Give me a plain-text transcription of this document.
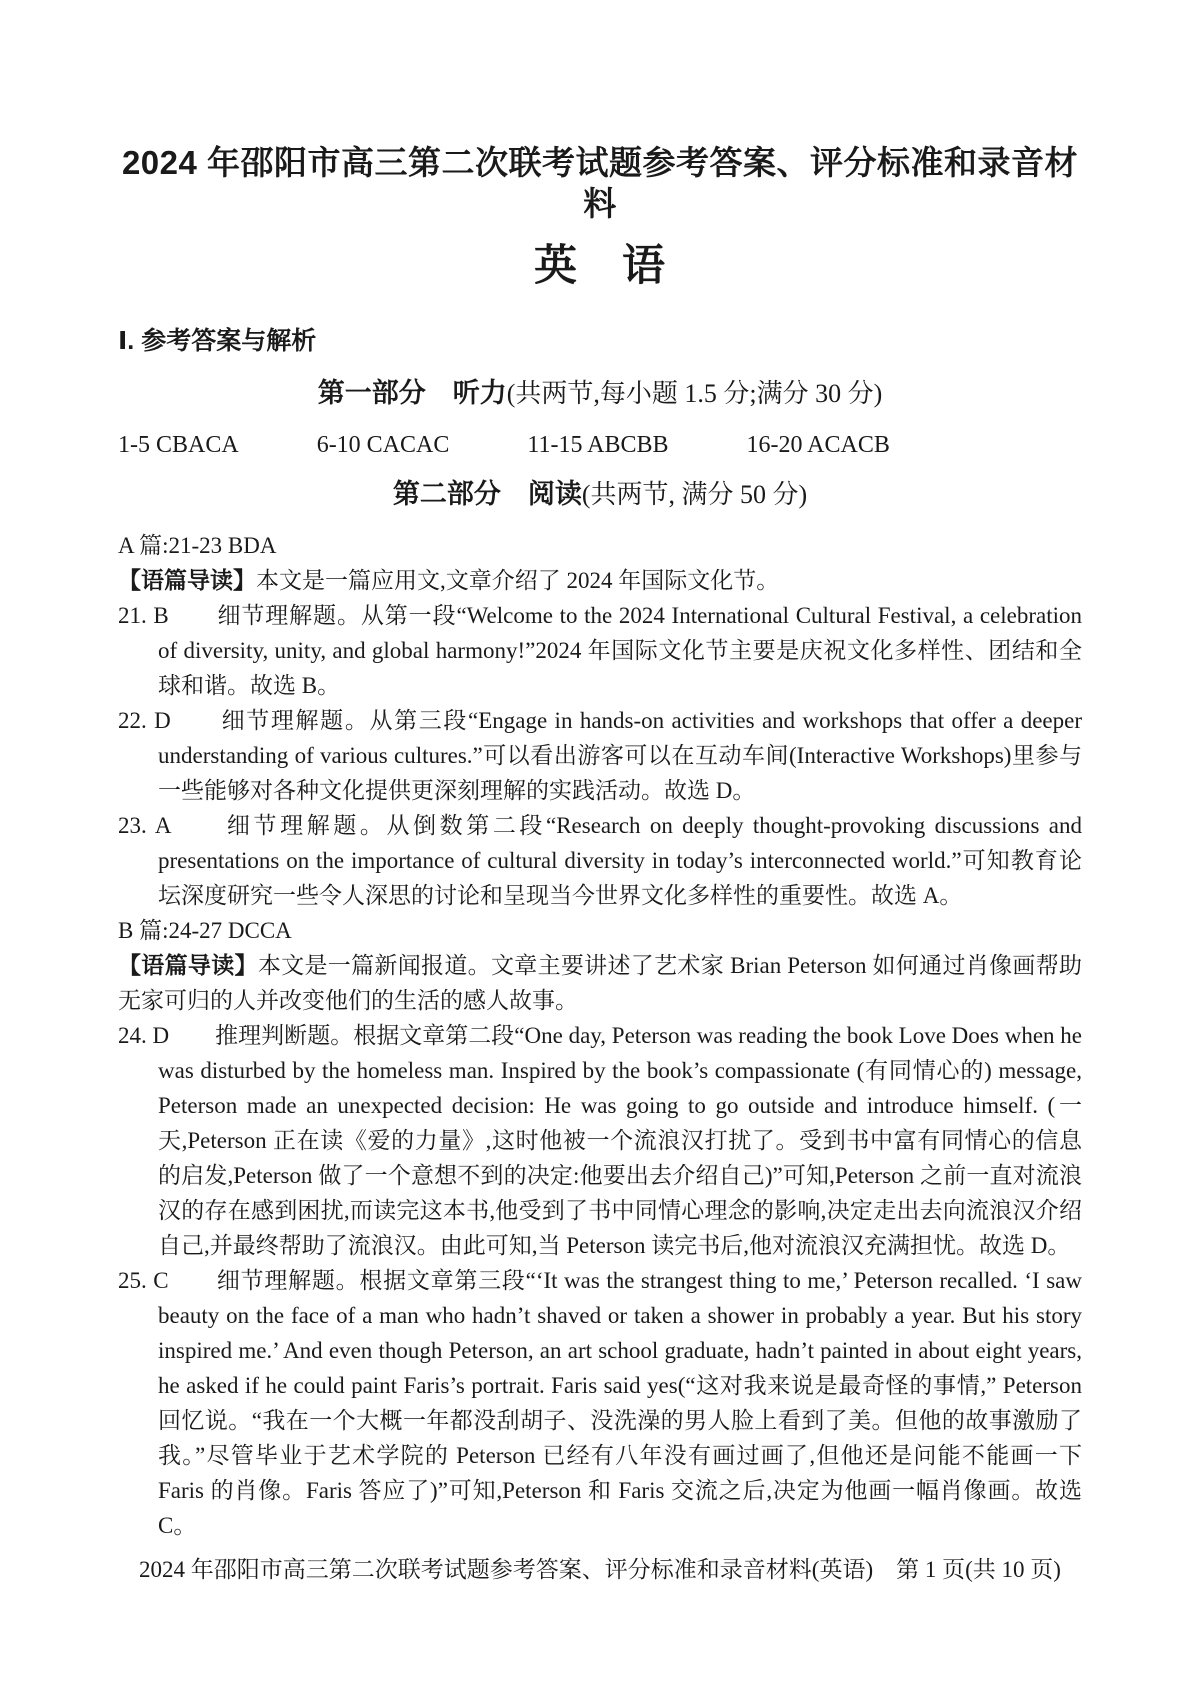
2024 年邵阳市高三第二次联考试题参考答案、评分标准和录音材料
英　语
Ⅰ. 参考答案与解析
第一部分　听力(共两节,每小题 1.5 分;满分 30 分)
1-5 CBACA	6-10 CACAC	11-15 ABCBB	16-20 ACACB
第二部分　阅读(共两节, 满分 50 分)

A 篇:21-23 BDA

【语篇导读】本文是一篇应用文,文章介绍了 2024 年国际文化节。

21. B　　细节理解题。从第一段“Welcome to the 2024 International Cultural Festival, a celebration of diversity, unity, and global harmony!”2024 年国际文化节主要是庆祝文化多样性、团结和全球和谐。故选 B。

22. D　　细节理解题。从第三段“Engage in hands-on activities and workshops that offer a deeper understanding of various cultures.”可以看出游客可以在互动车间(Interactive Workshops)里参与一些能够对各种文化提供更深刻理解的实践活动。故选 D。

23. A　　细节理解题。从倒数第二段“Research on deeply thought-provoking discussions and presentations on the importance of cultural diversity in today’s interconnected world.”可知教育论坛深度研究一些令人深思的讨论和呈现当今世界文化多样性的重要性。故选 A。

B 篇:24-27 DCCA

【语篇导读】本文是一篇新闻报道。文章主要讲述了艺术家 Brian Peterson 如何通过肖像画帮助无家可归的人并改变他们的生活的感人故事。

24. D　　推理判断题。根据文章第二段“One day, Peterson was reading the book Love Does when he was disturbed by the homeless man. Inspired by the book’s compassionate (有同情心的) message, Peterson made an unexpected decision: He was going to go outside and introduce himself. (一天,Peterson 正在读《爱的力量》,这时他被一个流浪汉打扰了。受到书中富有同情心的信息的启发,Peterson 做了一个意想不到的决定:他要出去介绍自己)”可知,Peterson 之前一直对流浪汉的存在感到困扰,而读完这本书,他受到了书中同情心理念的影响,决定走出去向流浪汉介绍自己,并最终帮助了流浪汉。由此可知,当 Peterson 读完书后,他对流浪汉充满担忧。故选 D。

25. C　　细节理解题。根据文章第三段“‘It was the strangest thing to me,’ Peterson recalled. ‘I saw beauty on the face of a man who hadn’t shaved or taken a shower in probably a year. But his story inspired me.’ And even though Peterson, an art school graduate, hadn’t painted in about eight years, he asked if he could paint Faris’s portrait. Faris said yes(“这对我来说是最奇怪的事情,” Peterson 回忆说。“我在一个大概一年都没刮胡子、没洗澡的男人脸上看到了美。但他的故事激励了我。”尽管毕业于艺术学院的 Peterson 已经有八年没有画过画了,但他还是问能不能画一下 Faris 的肖像。Faris 答应了)”可知,Peterson 和 Faris 交流之后,决定为他画一幅肖像画。故选 C。

2024 年邵阳市高三第二次联考试题参考答案、评分标准和录音材料(英语)　第 1 页(共 10 页)
